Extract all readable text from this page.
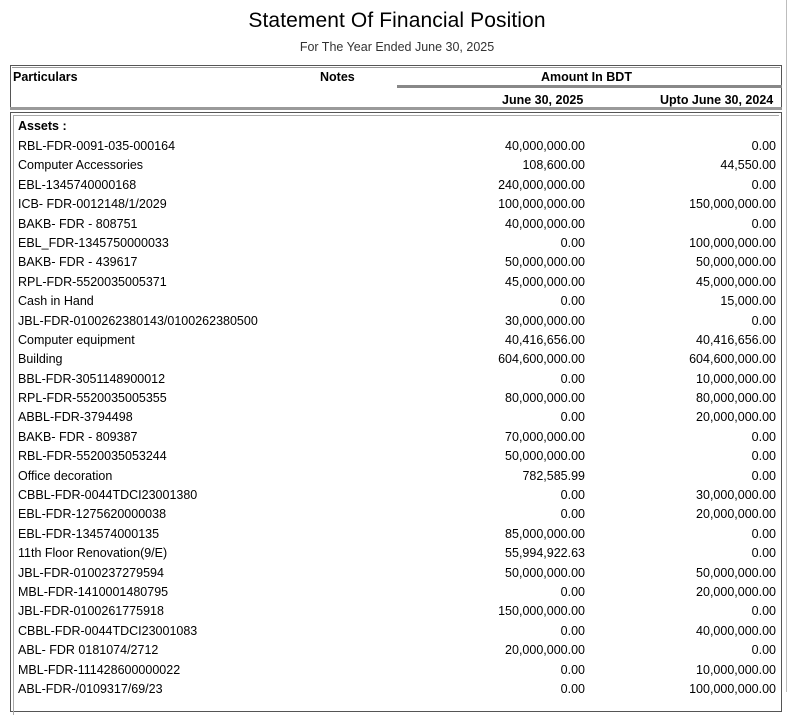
Statement Of Financial Position
For The Year Ended June 30, 2025
Particulars	Notes	Amount In BDT
June 30, 2025	Upto June 30, 2024
Assets :
RBL-FDR-0091-035-000164	40,000,000.00	0.00
Computer Accessories	108,600.00	44,550.00
EBL-1345740000168	240,000,000.00	0.00
ICB- FDR-0012148/1/2029	100,000,000.00	150,000,000.00
BAKB- FDR - 808751	40,000,000.00	0.00
EBL_FDR-1345750000033	0.00	100,000,000.00
BAKB- FDR - 439617	50,000,000.00	50,000,000.00
RPL-FDR-5520035005371	45,000,000.00	45,000,000.00
Cash in Hand	0.00	15,000.00
JBL-FDR-0100262380143/0100262380500	30,000,000.00	0.00
Computer equipment	40,416,656.00	40,416,656.00
Building	604,600,000.00	604,600,000.00
BBL-FDR-3051148900012	0.00	10,000,000.00
RPL-FDR-5520035005355	80,000,000.00	80,000,000.00
ABBL-FDR-3794498	0.00	20,000,000.00
BAKB- FDR - 809387	70,000,000.00	0.00
RBL-FDR-5520035053244	50,000,000.00	0.00
Office decoration	782,585.99	0.00
CBBL-FDR-0044TDCI23001380	0.00	30,000,000.00
EBL-FDR-1275620000038	0.00	20,000,000.00
EBL-FDR-134574000135	85,000,000.00	0.00
11th Floor Renovation(9/E)	55,994,922.63	0.00
JBL-FDR-0100237279594	50,000,000.00	50,000,000.00
MBL-FDR-1410001480795	0.00	20,000,000.00
JBL-FDR-0100261775918	150,000,000.00	0.00
CBBL-FDR-0044TDCI23001083	0.00	40,000,000.00
ABL- FDR 0181074/2712	20,000,000.00	0.00
MBL-FDR-111428600000022	0.00	10,000,000.00
ABL-FDR-/0109317/69/23	0.00	100,000,000.00
